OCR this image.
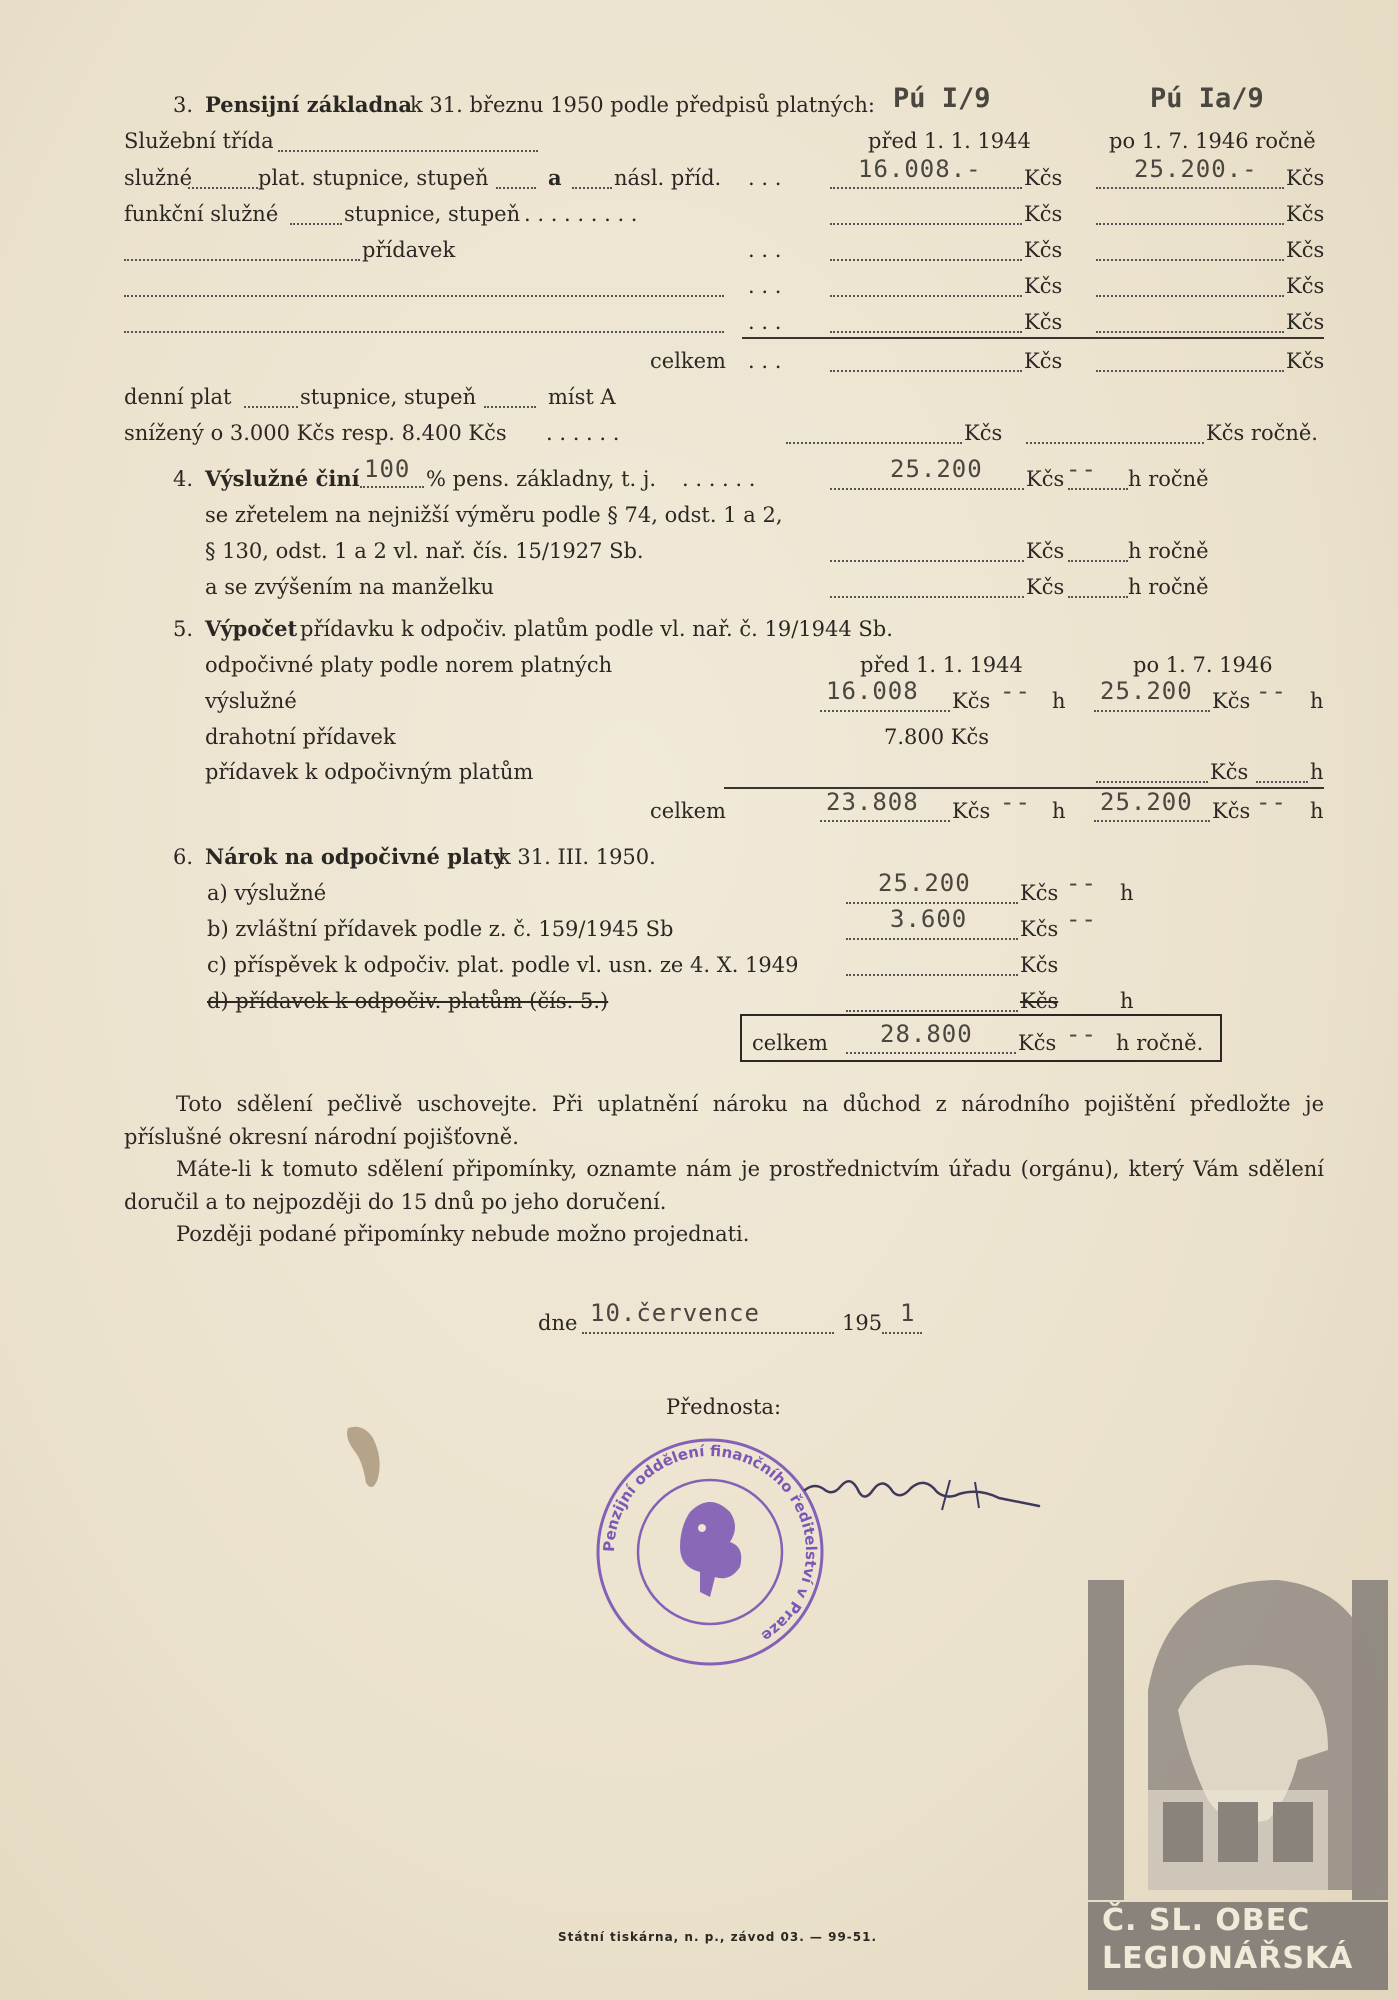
3. Pensijní základna
k 31. březnu 1950 podle předpisů platných: Pú I/9	Pú Ia/9
Služební třída	před 1. 1. 1944	po 1. 7. 1946 ročně
služné	plat. stupnice, stupeň	a násl. příd. . . .	16.008.- Kčs	25.200.- Kčs
funkční služné	stupnice, stupeň . . . . . . . . .	Kčs	Kčs
přídavek	. . .	Kčs	Kčs
. . .	Kčs	Kčs
. . .	Kčs	Kčs
celkem . . .	Kčs	Kčs
denní plat	stupnice, stupeň	míst A
snížený o 3.000 Kčs resp. 8.400 Kčs . . . . . .	Kčs	Kčs ročně.
4. Výslužné činí 100 % pens. základny, t. j. . . . . . .	25.200 Kčs -- h ročně
se zřetelem na nejnižší výměru podle § 74, odst. 1 a 2,
§ 130, odst. 1 a 2 vl. nař. čís. 15/1927 Sb.	Kčs	h ročně
a se zvýšením na manželku	Kčs	h ročně
5. Výpočet přídavku k odpočiv. platům podle vl. nař. č. 19/1944 Sb.
odpočivné platy podle norem platných	před 1. 1. 1944	po 1. 7. 1946
výslužné	16.008 Kčs -- h 25.200 Kčs -- h
drahotní přídavek	7.800 Kčs
přídavek k odpočivným platům	Kčs	h
celkem	23.808 Kčs -- h 25.200 Kčs -- h
6. Nárok na odpočivné platy
k 31. III. 1950.
a) výslužné	25.200 Kčs -- h
b) zvláštní přídavek podle z. č. 159/1945 Sb	3.600	Kčs --
c) příspěvek k odpočiv. plat. podle vl. usn. ze 4. X. 1949	Kčs
d) přídavek k odpočiv. platům (čís. 5.)	Kčs	h
celkem 28.800 Kčs -- h ročně.
Toto sdělení pečlivě uschovejte. Při uplatnění nároku na důchod z národního pojištění předložte je příslušné okresní národní pojišťovně.
Máte-li k tomuto sdělení připomínky, oznamte nám je prostřednictvím úřadu (orgánu), který Vám sdělení doručil a to nejpozději do 15 dnů po jeho doručení.
Později podané připomínky nebude možno projednati.
dne 10.července	195 1
Přednosta:
Penzijní oddělení finančního ředitelství v Praze
Č. SL. OBEC
LEGIONÁŘSKÁ
Státní tiskárna, n. p., závod 03. — 99-51.
